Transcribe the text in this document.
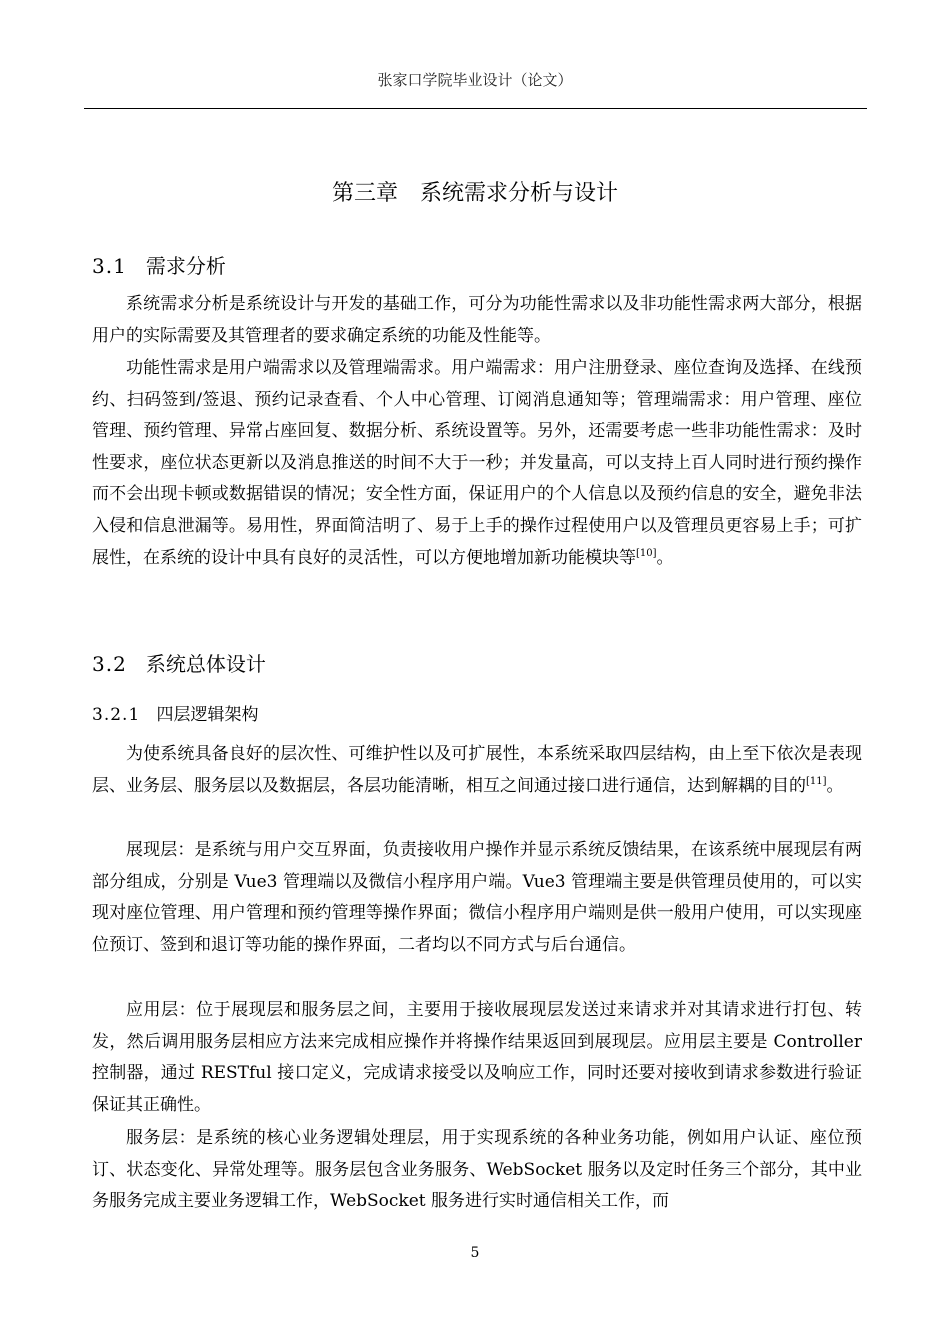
张家口学院毕业设计（论文）
第三章　系统需求分析与设计
3.1 需求分析

系统需求分析是系统设计与开发的基础工作，可分为功能性需求以及非功能性需求两大部分，根据用户的实际需要及其管理者的要求确定系统的功能及性能等。

功能性需求是用户端需求以及管理端需求。用户端需求：用户注册登录、座位查询及选择、在线预约、扫码签到/签退、预约记录查看、个人中心管理、订阅消息通知等；管理端需求：用户管理、座位管理、预约管理、异常占座回复、数据分析、系统设置等。另外，还需要考虑一些非功能性需求：及时性要求，座位状态更新以及消息推送的时间不大于一秒；并发量高，可以支持上百人同时进行预约操作而不会出现卡顿或数据错误的情况；安全性方面，保证用户的个人信息以及预约信息的安全，避免非法入侵和信息泄漏等。易用性，界面简洁明了、易于上手的操作过程使用户以及管理员更容易上手；可扩展性，在系统的设计中具有良好的灵活性，可以方便地增加新功能模块等[10]。

3.2 系统总体设计
3.2.1 四层逻辑架构

为使系统具备良好的层次性、可维护性以及可扩展性，本系统采取四层结构，由上至下依次是表现层、业务层、服务层以及数据层，各层功能清晰，相互之间通过接口进行通信，达到解耦的目的[11]。

展现层：是系统与用户交互界面，负责接收用户操作并显示系统反馈结果，在该系统中展现层有两部分组成，分别是 Vue3 管理端以及微信小程序用户端。Vue3 管理端主要是供管理员使用的，可以实现对座位管理、用户管理和预约管理等操作界面；微信小程序用户端则是供一般用户使用，可以实现座位预订、签到和退订等功能的操作界面，二者均以不同方式与后台通信。

应用层：位于展现层和服务层之间，主要用于接收展现层发送过来请求并对其请求进行打包、转发，然后调用服务层相应方法来完成相应操作并将操作结果返回到展现层。应用层主要是 Controller 控制器，通过 RESTful 接口定义，完成请求接受以及响应工作，同时还要对接收到请求参数进行验证保证其正确性。

服务层：是系统的核心业务逻辑处理层，用于实现系统的各种业务功能，例如用户认证、座位预订、状态变化、异常处理等。服务层包含业务服务、WebSocket 服务以及定时任务三个部分，其中业务服务完成主要业务逻辑工作，WebSocket 服务进行实时通信相关工作，而

5
